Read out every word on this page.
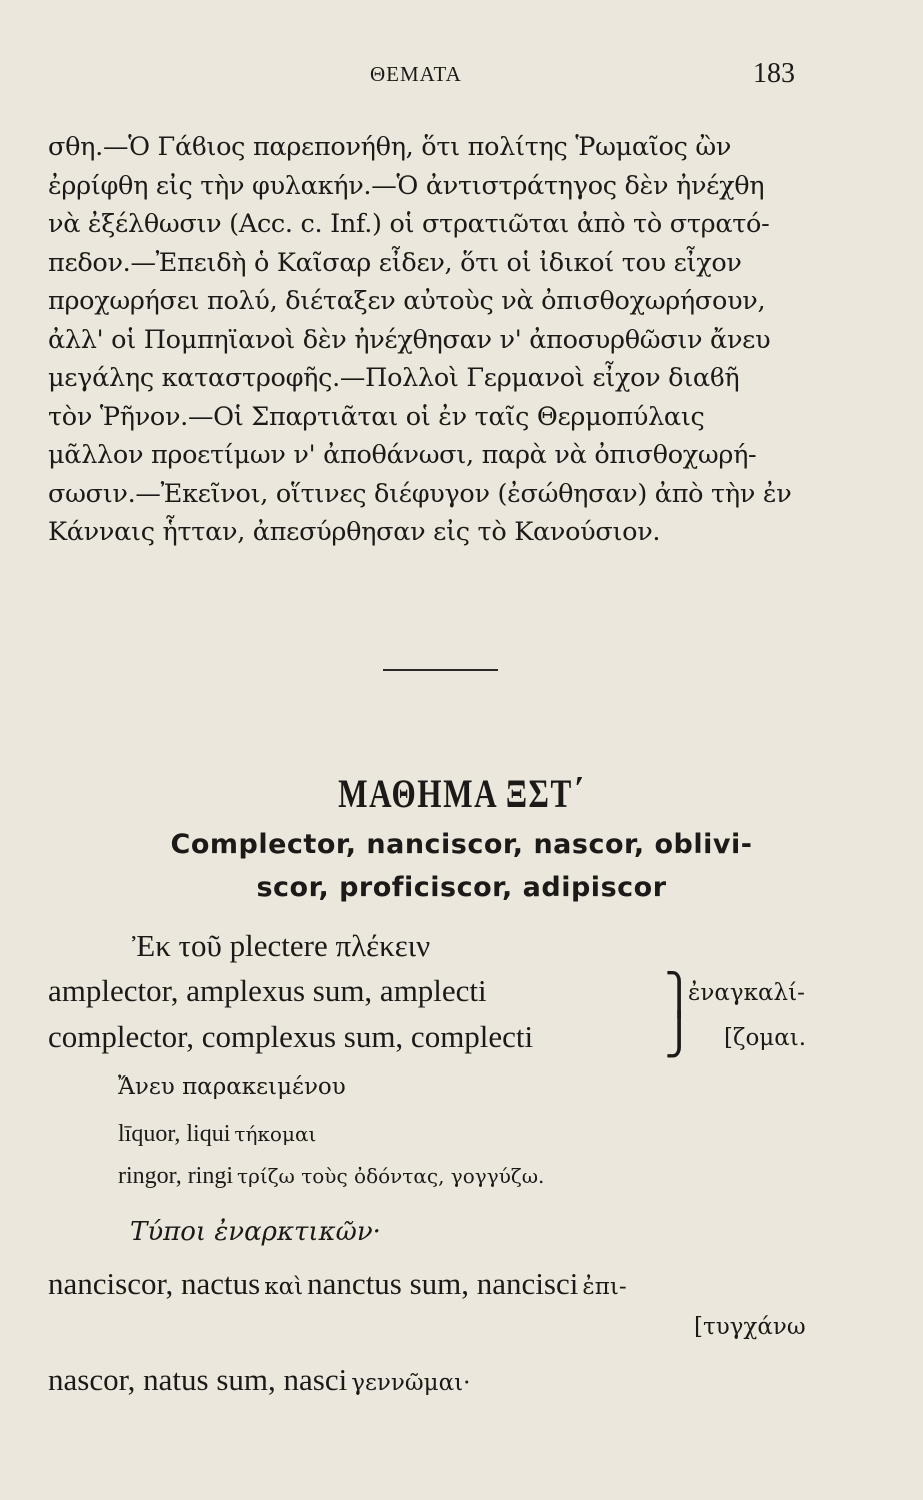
ΘΕΜΑΤΑ	183
σθη.—Ὁ Γάϐιος παρεπονήθη, ὅτι πολίτης Ῥωμαῖος ὢν
ἐρρίφθη εἰς τὴν φυλακήν.—Ὁ ἀντιστράτηγος δὲν ἠνέχθη
νὰ ἐξέλθωσιν (Acc. c. Inf.) οἱ στρατιῶται ἀπὸ τὸ στρατό-
πεδον.—Ἐπειδὴ ὁ Καῖσαρ εἶδεν, ὅτι οἱ ἰδικοί του εἶχον
προχωρήσει πολύ, διέταξεν αὐτοὺς νὰ ὀπισθοχωρήσουν,
ἀλλ' οἱ Πομπηϊανοὶ δὲν ἠνέχθησαν ν' ἀποσυρθῶσιν ἄνευ
μεγάλης καταστροφῆς.—Πολλοὶ Γερμανοὶ εἶχον διαϐῆ
τὸν Ῥῆνον.—Οἱ Σπαρτιᾶται οἱ ἐν ταῖς Θερμοπύλαις
μᾶλλον προετίμων ν' ἀποθάνωσι, παρὰ νὰ ὀπισθοχωρή-
σωσιν.—Ἐκεῖνοι, οἵτινες διέφυγον (ἐσώθησαν) ἀπὸ τὴν ἐν
Κάνναις ἧτταν, ἀπεσύρθησαν εἰς τὸ Κανούσιον.
ΜΑΘΗΜΑ ΞΣΤ΄
Complector, nanciscor, nascor, oblivi-
scor, proficiscor, adipiscor
Ἐκ τοῦ plectere πλέκειν
amplector, amplexus sum, amplecti
complector, complexus sum, complecti
⎫
⎭
ἐναγκαλί-
[ζομαι.
Ἄνευ παρακειμένου
līquor, liqui τήκομαι
ringor, ringi τρίζω τοὺς ὀδόντας, γογγύζω.
Τύποι ἐναρκτικῶν·
nanciscor, nactus καὶ nanctus sum, nancisci ἐπι-
[τυγχάνω
nascor, natus sum, nasci γεννῶμαι·
